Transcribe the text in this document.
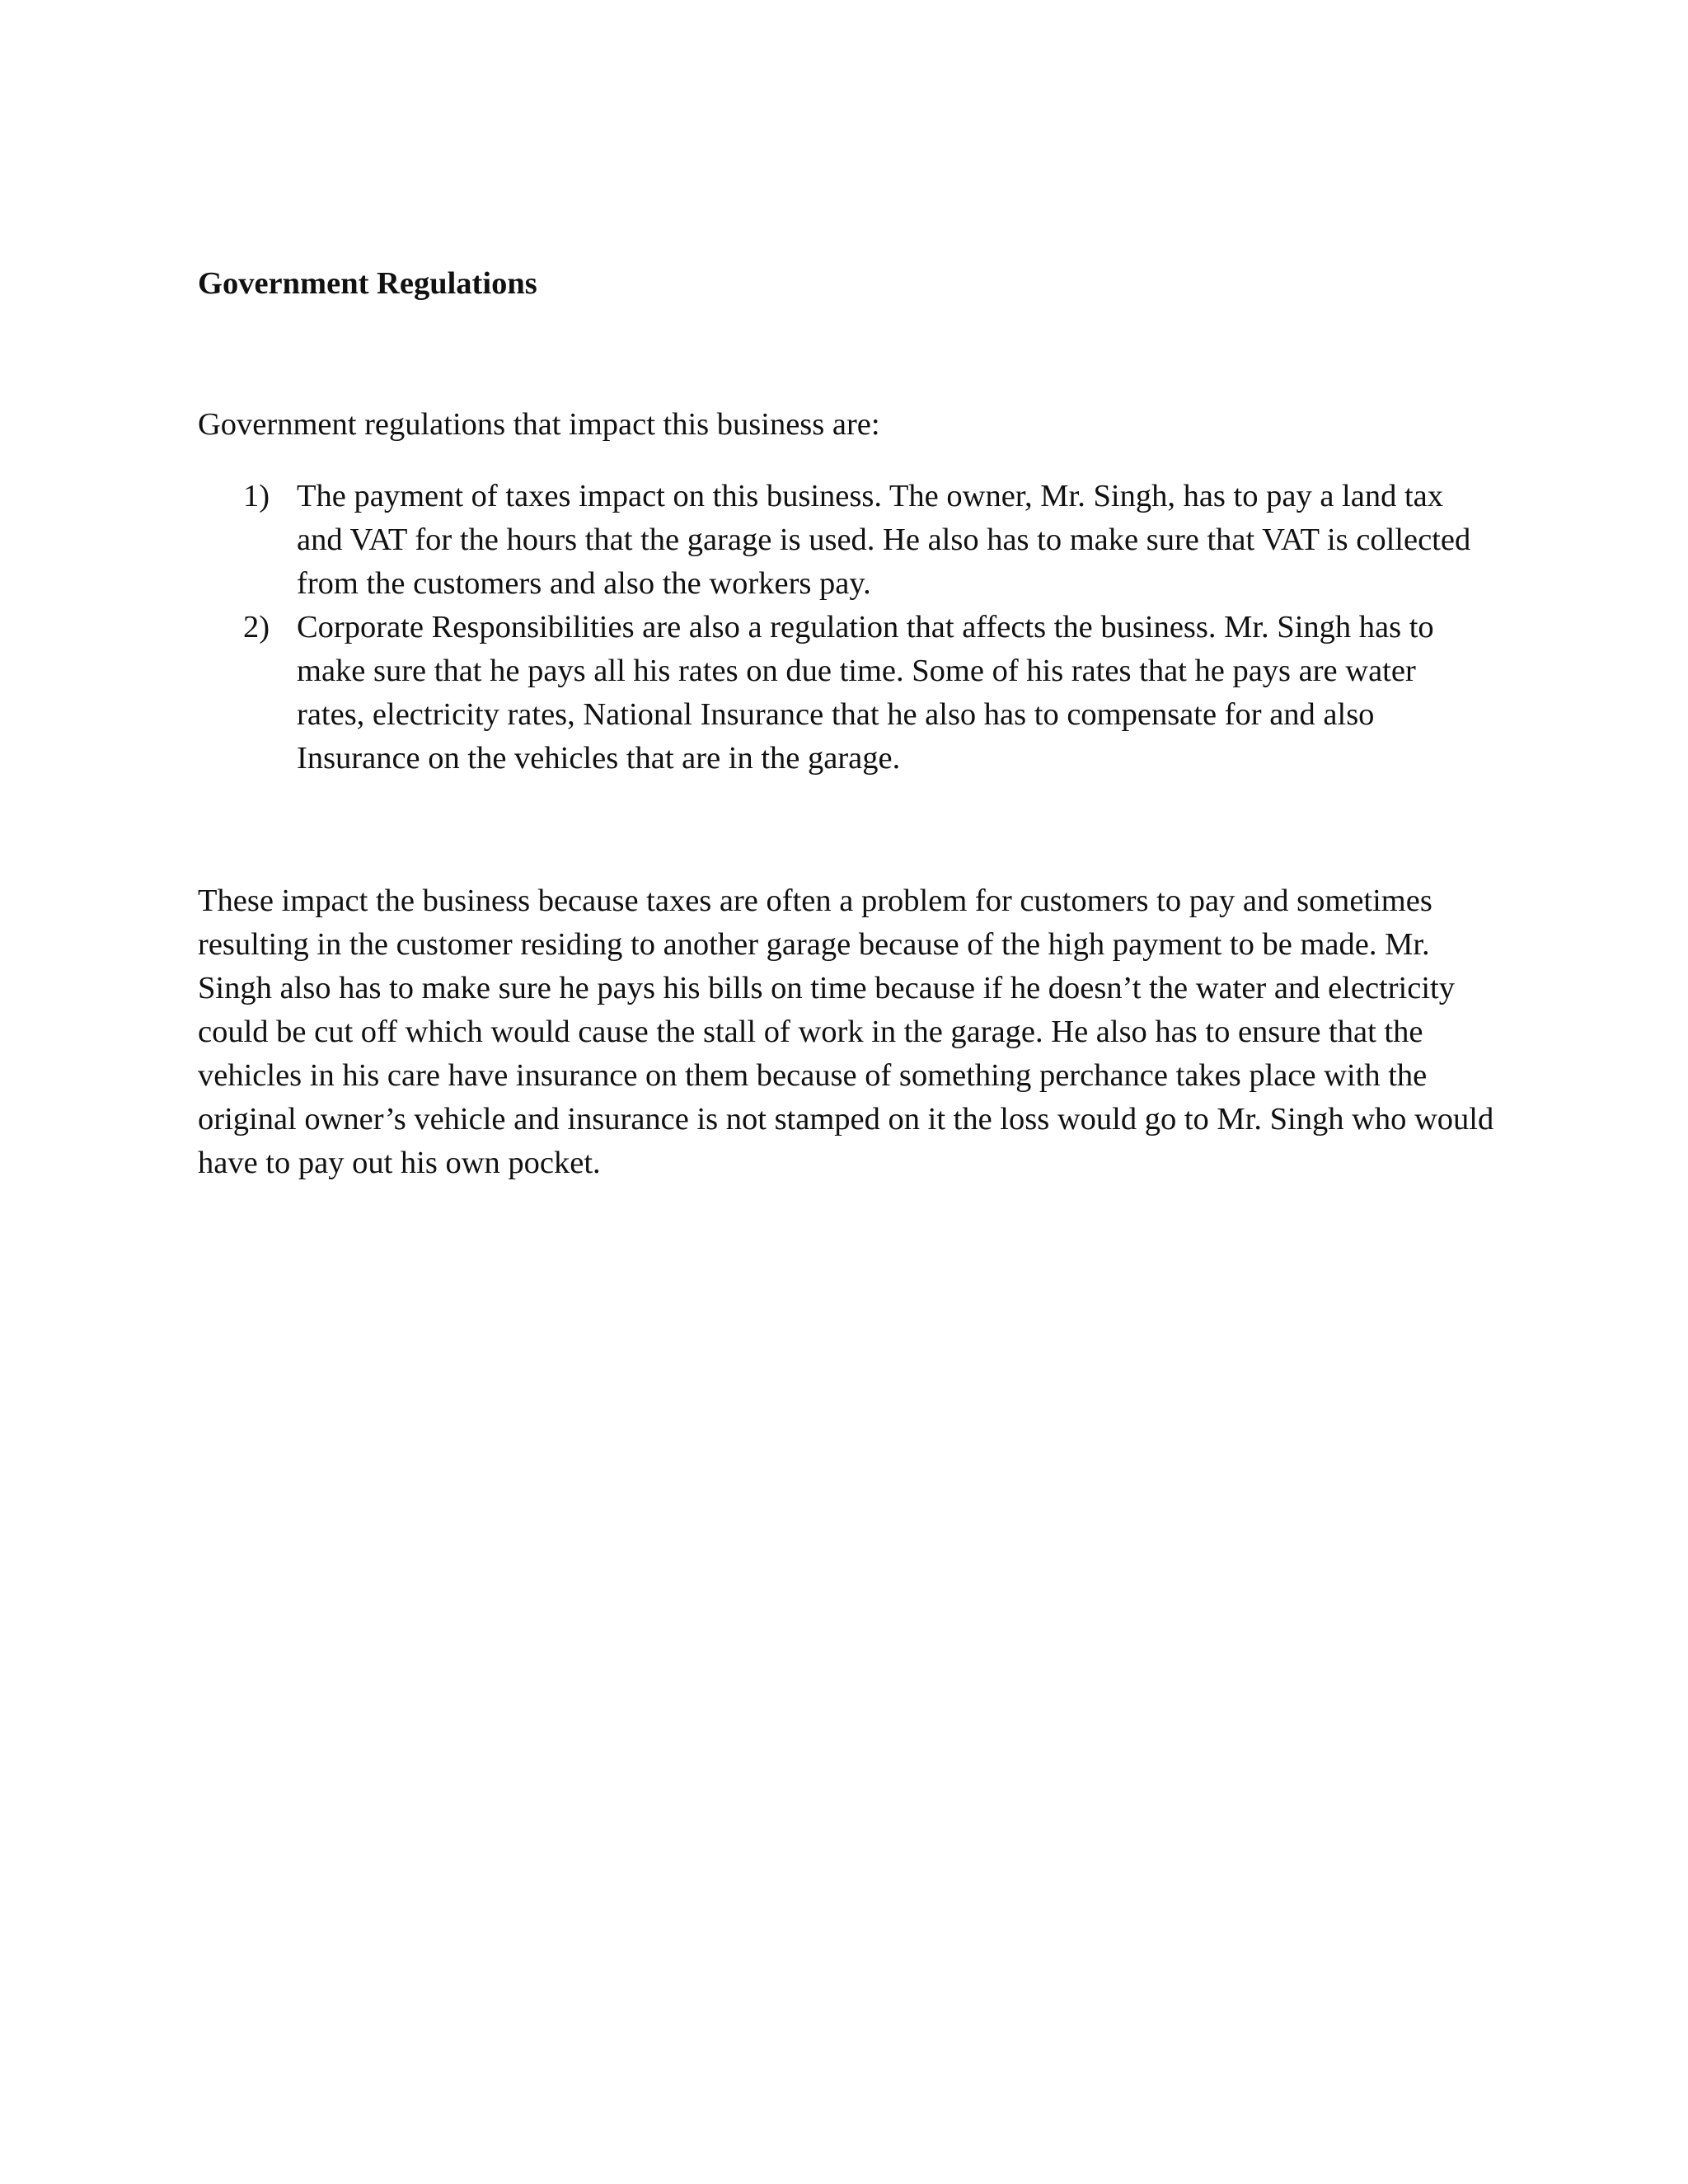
Government Regulations

Government regulations that impact this business are:

1) The payment of taxes impact on this business. The owner, Mr. Singh, has to pay a land tax and VAT for the hours that the garage is used. He also has to make sure that VAT is collected from the customers and also the workers pay.
2) Corporate Responsibilities are also a regulation that affects the business. Mr. Singh has to make sure that he pays all his rates on due time. Some of his rates that he pays are water rates, electricity rates, National Insurance that he also has to compensate for and also Insurance on the vehicles that are in the garage.

These impact the business because taxes are often a problem for customers to pay and sometimes resulting in the customer residing to another garage because of the high payment to be made. Mr. Singh also has to make sure he pays his bills on time because if he doesn’t the water and electricity could be cut off which would cause the stall of work in the garage. He also has to ensure that the vehicles in his care have insurance on them because of something perchance takes place with the original owner’s vehicle and insurance is not stamped on it the loss would go to Mr. Singh who would have to pay out his own pocket.
